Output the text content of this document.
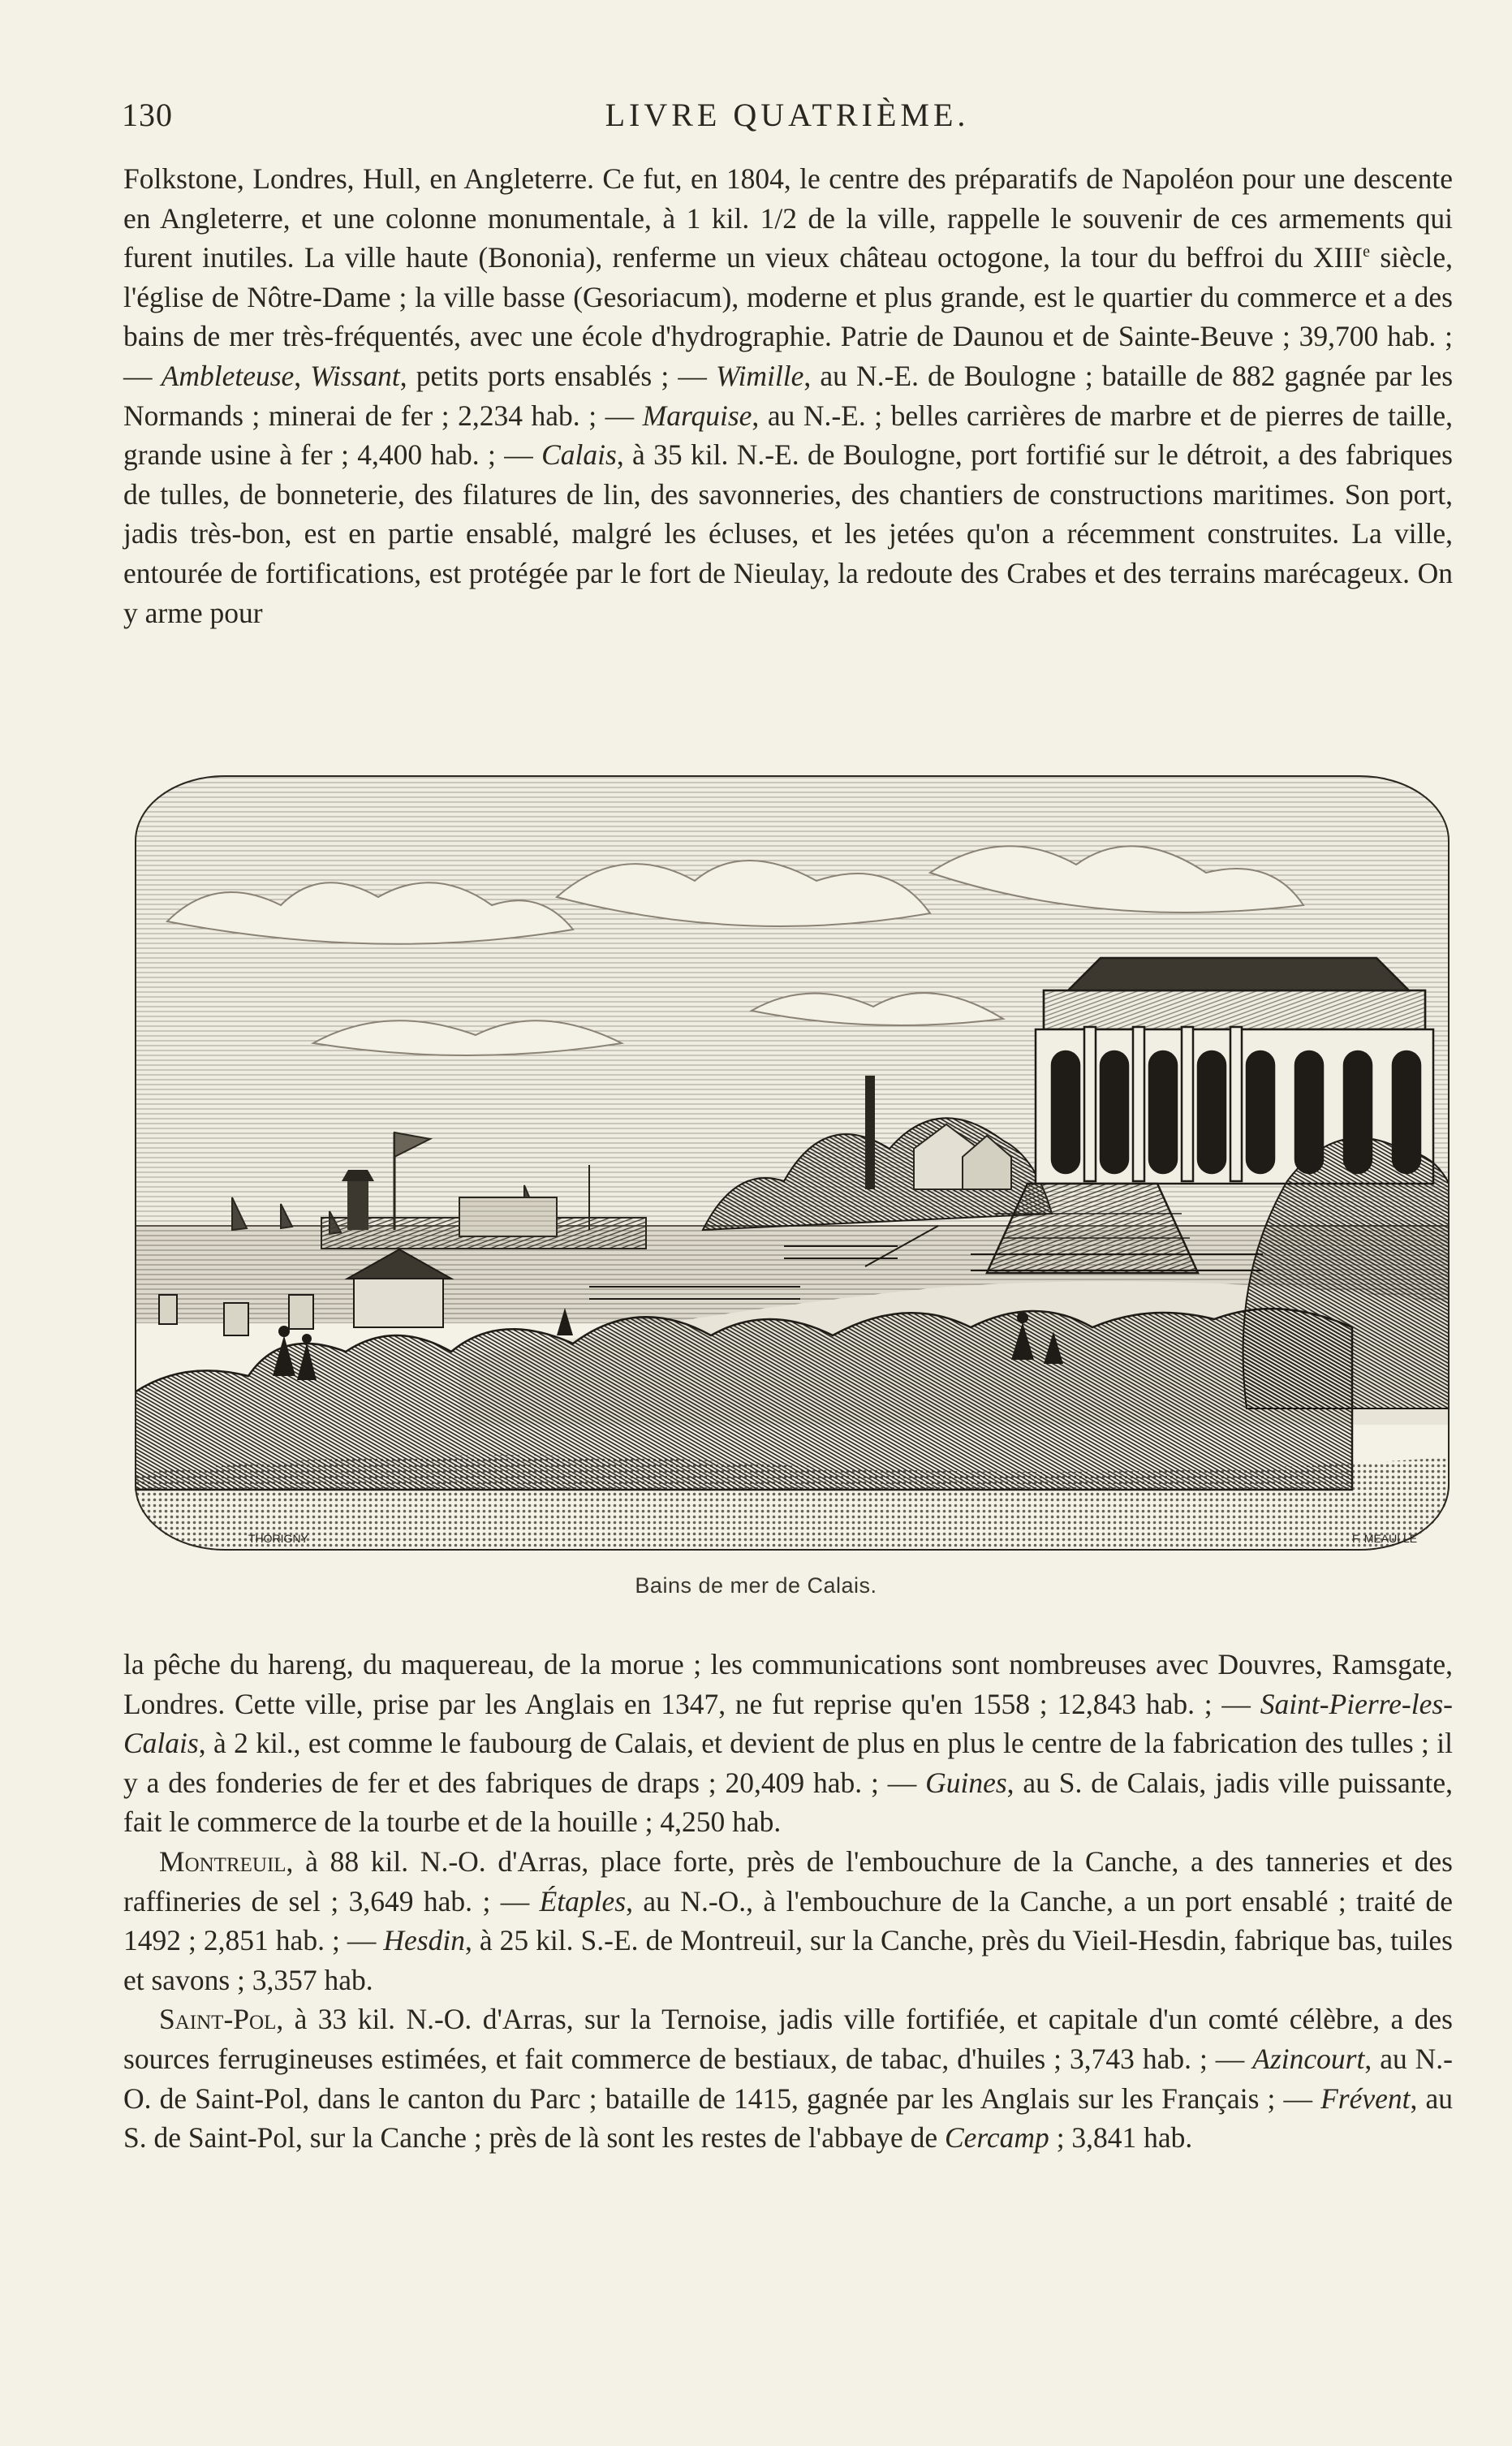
130	LIVRE QUATRIÈME.

Folkstone, Londres, Hull, en Angleterre. Ce fut, en 1804, le centre des préparatifs de Napoléon pour une descente en Angleterre, et une colonne monumentale, à 1 kil. 1/2 de la ville, rappelle le souvenir de ces armements qui furent inutiles. La ville haute (Bononia), renferme un vieux château octogone, la tour du beffroi du XIIIe siècle, l'église de Nôtre-Dame ; la ville basse (Gesoriacum), moderne et plus grande, est le quartier du commerce et a des bains de mer très-fréquentés, avec une école d'hydrographie. Patrie de Daunou et de Sainte-Beuve ; 39,700 hab. ; — Ambleteuse, Wissant, petits ports ensablés ; — Wimille, au N.-E. de Boulogne ; bataille de 882 gagnée par les Normands ; minerai de fer ; 2,234 hab. ; — Marquise, au N.-E. ; belles carrières de marbre et de pierres de taille, grande usine à fer ; 4,400 hab. ; — Calais, à 35 kil. N.-E. de Boulogne, port fortifié sur le détroit, a des fabriques de tulles, de bonneterie, des filatures de lin, des savonneries, des chantiers de constructions maritimes. Son port, jadis très-bon, est en partie ensablé, malgré les écluses, et les jetées qu'on a récemment construites. La ville, entourée de fortifications, est protégée par le fort de Nieulay, la redoute des Crabes et des terrains marécageux. On y arme pour

THORIGNY	F. MEAULLE
Bains de mer de Calais.

la pêche du hareng, du maquereau, de la morue ; les communications sont nombreuses avec Douvres, Ramsgate, Londres. Cette ville, prise par les Anglais en 1347, ne fut reprise qu'en 1558 ; 12,843 hab. ; — Saint-Pierre-les-Calais, à 2 kil., est comme le faubourg de Calais, et devient de plus en plus le centre de la fabrication des tulles ; il y a des fonderies de fer et des fabriques de draps ; 20,409 hab. ; — Guines, au S. de Calais, jadis ville puissante, fait le commerce de la tourbe et de la houille ; 4,250 hab.

Montreuil, à 88 kil. N.-O. d'Arras, place forte, près de l'embouchure de la Canche, a des tanneries et des raffineries de sel ; 3,649 hab. ; — Étaples, au N.-O., à l'embouchure de la Canche, a un port ensablé ; traité de 1492 ; 2,851 hab. ; — Hesdin, à 25 kil. S.-E. de Montreuil, sur la Canche, près du Vieil-Hesdin, fabrique bas, tuiles et savons ; 3,357 hab.

Saint-Pol, à 33 kil. N.-O. d'Arras, sur la Ternoise, jadis ville fortifiée, et capitale d'un comté célèbre, a des sources ferrugineuses estimées, et fait commerce de bestiaux, de tabac, d'huiles ; 3,743 hab. ; — Azincourt, au N.-O. de Saint-Pol, dans le canton du Parc ; bataille de 1415, gagnée par les Anglais sur les Français ; — Frévent, au S. de Saint-Pol, sur la Canche ; près de là sont les restes de l'abbaye de Cercamp ; 3,841 hab.
